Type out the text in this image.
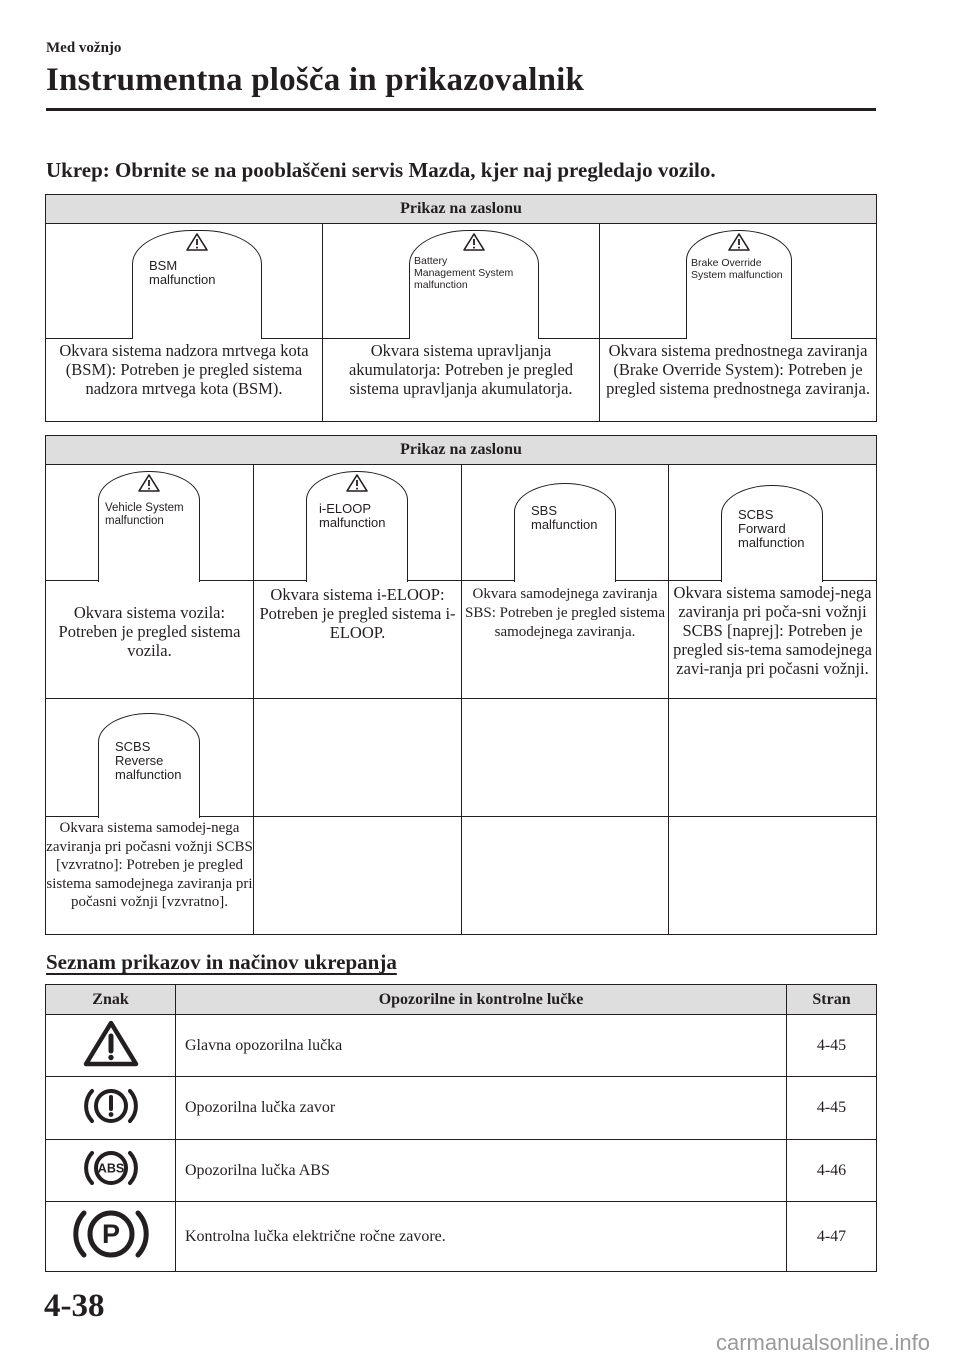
Med vožnjo
Instrumentna plošča in prikazovalnik
Ukrep: Obrnite se na pooblaščeni servis Mazda, kjer naj pregledajo vozilo.
Prikaz na zaslonu		

BSM
malfunction	Battery
Management System
malfunction	Brake Override
System malfunction

Okvara sistema nadzora mrtvega kota (BSM): Potreben je pregled sistema nadzora mrtvega kota (BSM).	Okvara sistema upravljanja akumulatorja: Potreben je pregled sistema upravljanja akumulatorja.	Okvara sistema prednostnega zaviranja (Brake Override System): Potreben je pregled sistema prednostnega zaviranja.
Prikaz na zaslonu			

Vehicle System
malfunction	i-ELOOP
malfunction	SBS
malfunction	SCBS
Forward
malfunction

Okvara sistema vozila: Potreben je pregled sistema vozila.	Okvara sistema i-ELOOP: Potreben je pregled sistema i-ELOOP.	Okvara samodejnega zaviranja SBS: Potreben je pregled sistema samodejnega zaviranja.	Okvara sistema samodej-nega zaviranja pri poča-sni vožnji SCBS [naprej]: Potreben je pregled sis-tema samodejnega zavi-ranja pri počasni vožnji.

SCBS
Reverse
malfunction			

Okvara sistema samodej-nega zaviranja pri počasni vožnji SCBS [vzvratno]: Potreben je pregled sistema samodejnega zaviranja pri počasni vožnji [vzvratno].			
Seznam prikazov in načinov ukrepanja
Znak	Opozorilne in kontrolne lučke	Stran
	Glavna opozorilna lučka	4-45
	Opozorilna lučka zavor	4-45

ABS	Opozorilna lučka ABS	4-46

P	Kontrolna lučka električne ročne zavore.	4-47
4-38
carmanualsonline.info
